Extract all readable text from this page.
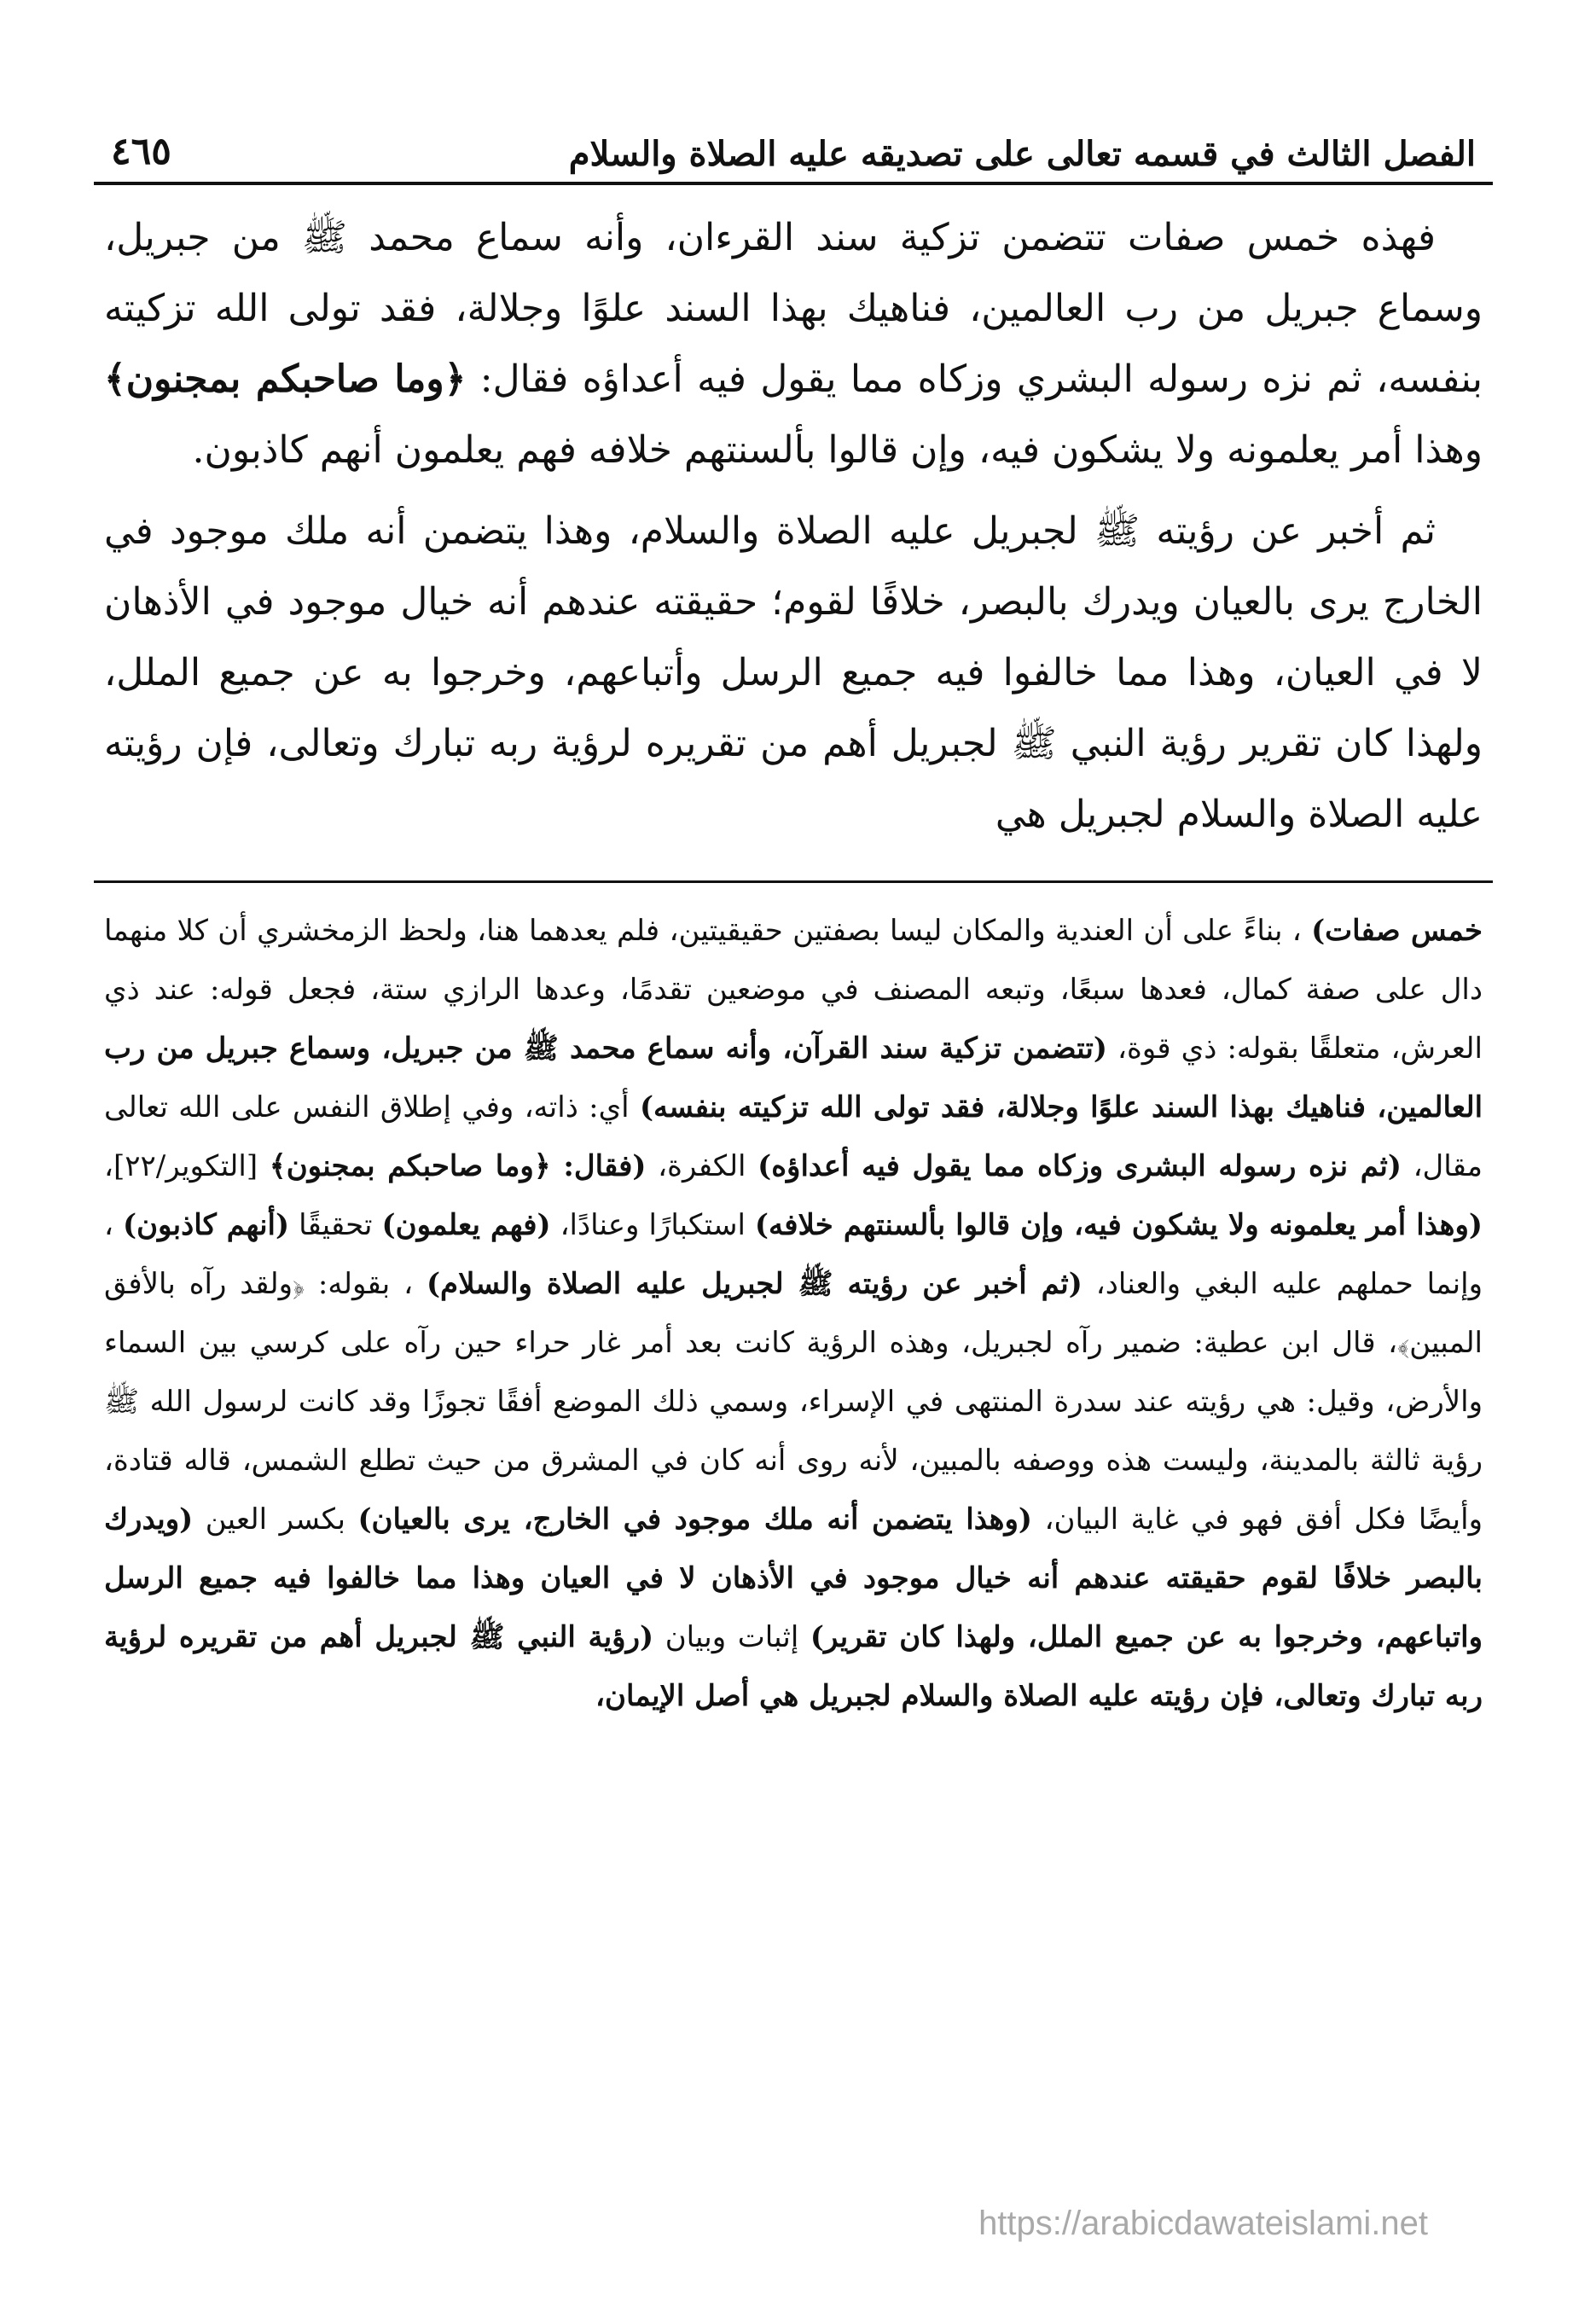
الفصل الثالث في قسمه تعالى على تصديقه عليه الصلاة والسلام
٤٦٥

فهذه خمس صفات تتضمن تزكية سند القرءان، وأنه سماع محمد ﷺ من جبريل، وسماع جبريل من رب العالمين، فناهيك بهذا السند علوًا وجلالة، فقد تولى الله تزكيته بنفسه، ثم نزه رسوله البشري وزكاه مما يقول فيه أعداؤه فقال: ﴿وما صاحبكم بمجنون﴾ وهذا أمر يعلمونه ولا يشكون فيه، وإن قالوا بألسنتهم خلافه فهم يعلمون أنهم كاذبون.

ثم أخبر عن رؤيته ﷺ لجبريل عليه الصلاة والسلام، وهذا يتضمن أنه ملك موجود في الخارج يرى بالعيان ويدرك بالبصر، خلافًا لقوم؛ حقيقته عندهم أنه خيال موجود في الأذهان لا في العيان، وهذا مما خالفوا فيه جميع الرسل وأتباعهم، وخرجوا به عن جميع الملل، ولهذا كان تقرير رؤية النبي ﷺ لجبريل أهم من تقريره لرؤية ربه تبارك وتعالى، فإن رؤيته عليه الصلاة والسلام لجبريل هي

خمس صفات) ، بناءً على أن العندية والمكان ليسا بصفتين حقيقيتين، فلم يعدهما هنا، ولحظ الزمخشري أن كلا منهما دال على صفة كمال، فعدها سبعًا، وتبعه المصنف في موضعين تقدمًا، وعدها الرازي ستة، فجعل قوله: عند ذي العرش، متعلقًا بقوله: ذي قوة، (تتضمن تزكية سند القرآن، وأنه سماع محمد ﷺ من جبريل، وسماع جبريل من رب العالمين، فناهيك بهذا السند علوًا وجلالة، فقد تولى الله تزكيته بنفسه) أي: ذاته، وفي إطلاق النفس على الله تعالى مقال، (ثم نزه رسوله البشرى وزكاه مما يقول فيه أعداؤه) الكفرة، (فقال: ﴿وما صاحبكم بمجنون﴾ [التكوير/٢٢]، (وهذا أمر يعلمونه ولا يشكون فيه، وإن قالوا بألسنتهم خلافه) استكبارًا وعنادًا، (فهم يعلمون) تحقيقًا (أنهم كاذبون) ، وإنما حملهم عليه البغي والعناد، (ثم أخبر عن رؤيته ﷺ لجبريل عليه الصلاة والسلام) ، بقوله: ﴿ولقد رآه بالأفق المبين﴾، قال ابن عطية: ضمير رآه لجبريل، وهذه الرؤية كانت بعد أمر غار حراء حين رآه على كرسي بين السماء والأرض، وقيل: هي رؤيته عند سدرة المنتهى في الإسراء، وسمي ذلك الموضع أفقًا تجوزًا وقد كانت لرسول الله ﷺ رؤية ثالثة بالمدينة، وليست هذه ووصفه بالمبين، لأنه روى أنه كان في المشرق من حيث تطلع الشمس، قاله قتادة، وأيضًا فكل أفق فهو في غاية البيان، (وهذا يتضمن أنه ملك موجود في الخارج، يرى بالعيان) بكسر العين (ويدرك بالبصر خلافًا لقوم حقيقته عندهم أنه خيال موجود في الأذهان لا في العيان وهذا مما خالفوا فيه جميع الرسل واتباعهم، وخرجوا به عن جميع الملل، ولهذا كان تقرير) إثبات وبيان (رؤية النبي ﷺ لجبريل أهم من تقريره لرؤية ربه تبارك وتعالى، فإن رؤيته عليه الصلاة والسلام لجبريل هي أصل الإيمان،

https://arabicdawateislami.net
